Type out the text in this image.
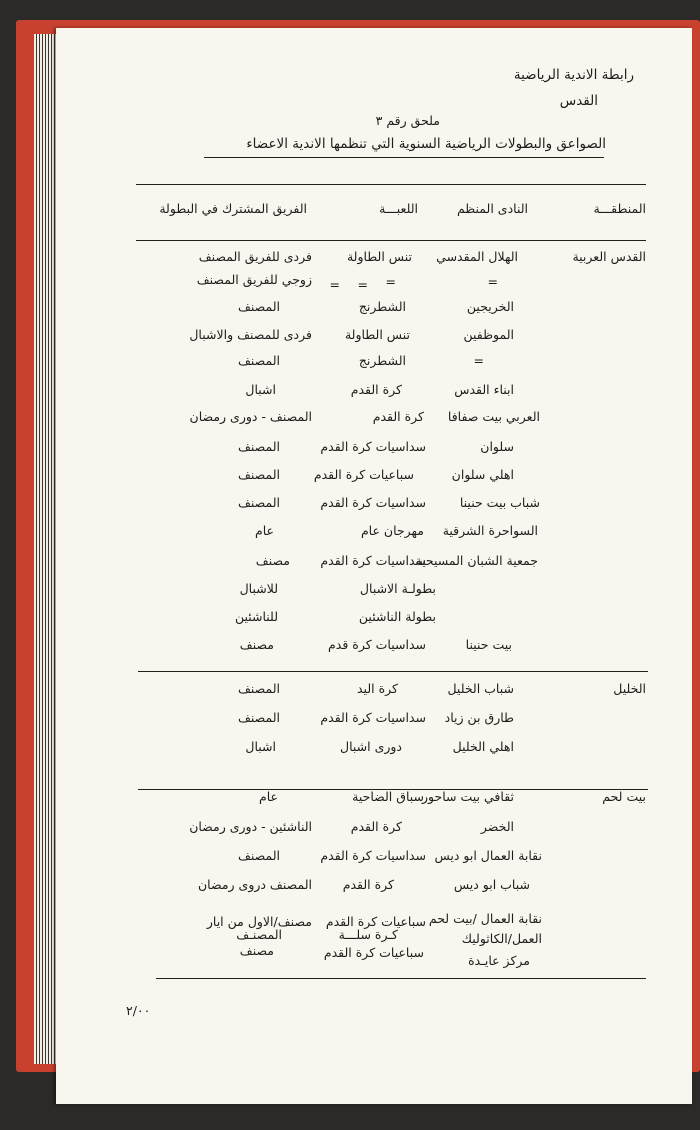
رابطة الاندية الرياضية
القدس
ملحق رقم ٣
الصواعق والبطولات الرياضية السنوية التي تنظمها الاندية الاعضاء
المنطقـــة
النادى المنظم
اللعبـــة
الفريق المشترك في البطولة
القدس العربية
الهلال المقدسي
تنس الطاولة
فردى للفريق المصنف
=
=
زوجي للفريق المصنف	=
=
الخريجين
الشطرنج
المصنف
الموظفين
تنس الطاولة
فردى للمصنف والاشبال
=
الشطرنج
المصنف
ابناء القدس
كرة القدم
اشبال
العربي بيت صفافا
كرة القدم
المصنف - دورى رمضان
سلوان
سداسيات كرة القدم
المصنف
اهلي سلوان
سباعيات كرة القدم
المصنف
شباب بيت حنينا
سداسيات كرة القدم
المصنف
السواحرة الشرقية
مهرجان عام
عام
جمعية الشبان المسيحية
سداسيات كرة القدم
مصنف
بطولـة الاشبال
للاشبال
بطولة الناشئين
للناشئين
بيت حنينا
سداسيات كرة قدم
مصنف
الخليل
شباب الخليل
كرة اليد
المصنف
طارق بن زياد
سداسيات كرة القدم
المصنف
اهلي الخليل
دورى اشبال
اشبال
بيت لحم
ثقافي بيت ساحور
سباق الضاحية
عام
الخضر
كرة القدم
الناشئين - دورى رمضان
نقابة العمال ابو ديس
سداسيات كرة القدم
المصنف
شباب ابو ديس
كرة القدم
المصنف دروى رمضان
نقابة العمال /بيت لحم
سباعيات كرة القدم
مصنف/الاول من ايار
العمل/الكاثوليك
كـرة سلـــة
المصنـف
مركز عايـدة
سباعيات كرة القدم
مصنف
٢/٠٠
